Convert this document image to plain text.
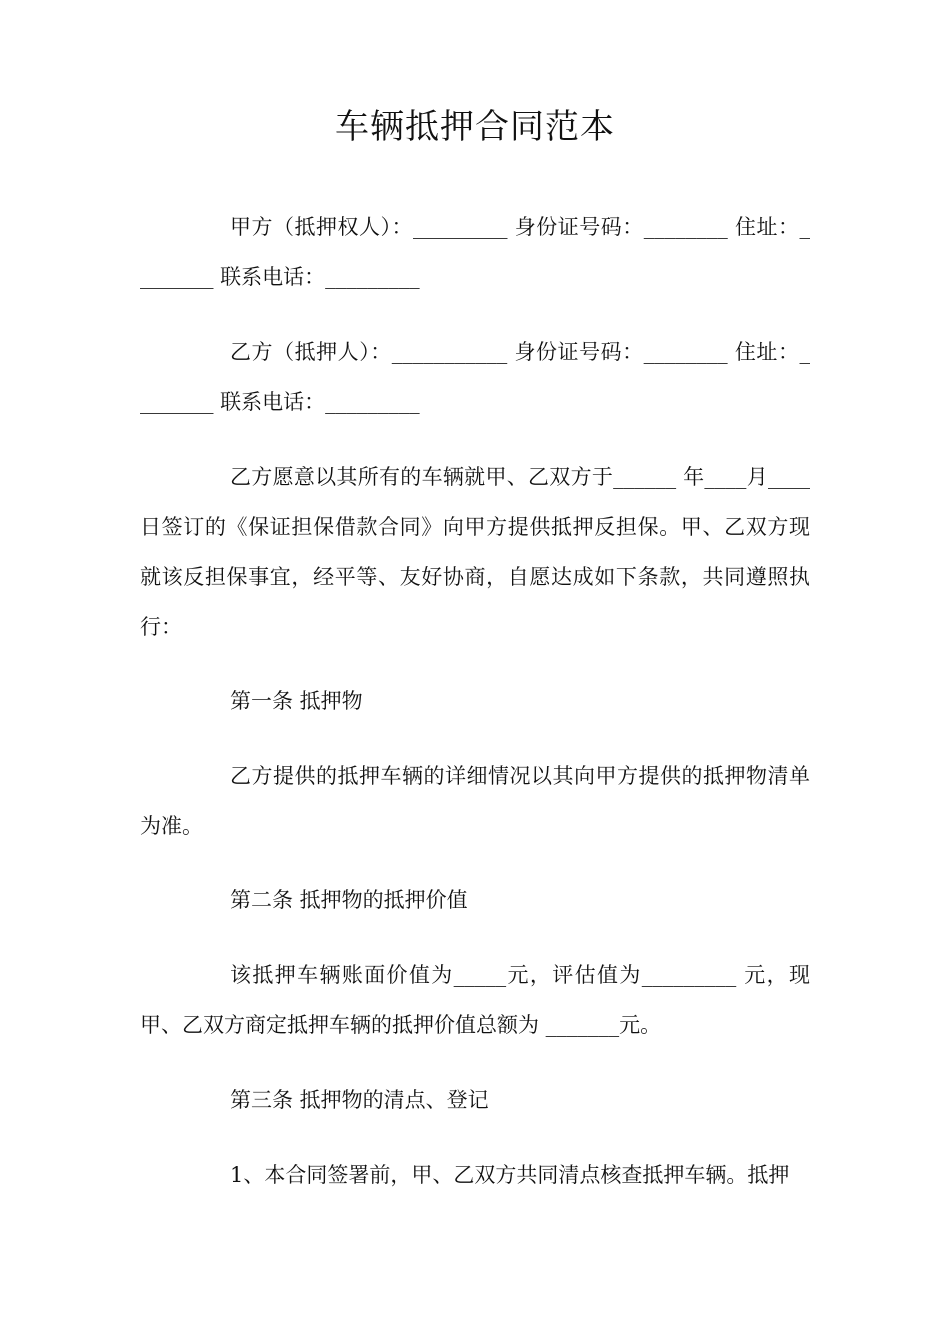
车辆抵押合同范本

甲方（抵押权人）：_________ 身份证号码：________ 住址：________ 联系电话：_________

乙方（抵押人）：___________ 身份证号码：________ 住址：________ 联系电话：_________

乙方愿意以其所有的车辆就甲、乙双方于______ 年____月____日签订的《保证担保借款合同》向甲方提供抵押反担保。甲、乙双方现就该反担保事宜，经平等、友好协商，自愿达成如下条款，共同遵照执行：

第一条 抵押物

乙方提供的抵押车辆的详细情况以其向甲方提供的抵押物清单为准。

第二条 抵押物的抵押价值

该抵押车辆账面价值为_____元，评估值为_________ 元，现甲、乙双方商定抵押车辆的抵押价值总额为 _______元。

第三条 抵押物的清点、登记

1、本合同签署前，甲、乙双方共同清点核查抵押车辆。抵押
